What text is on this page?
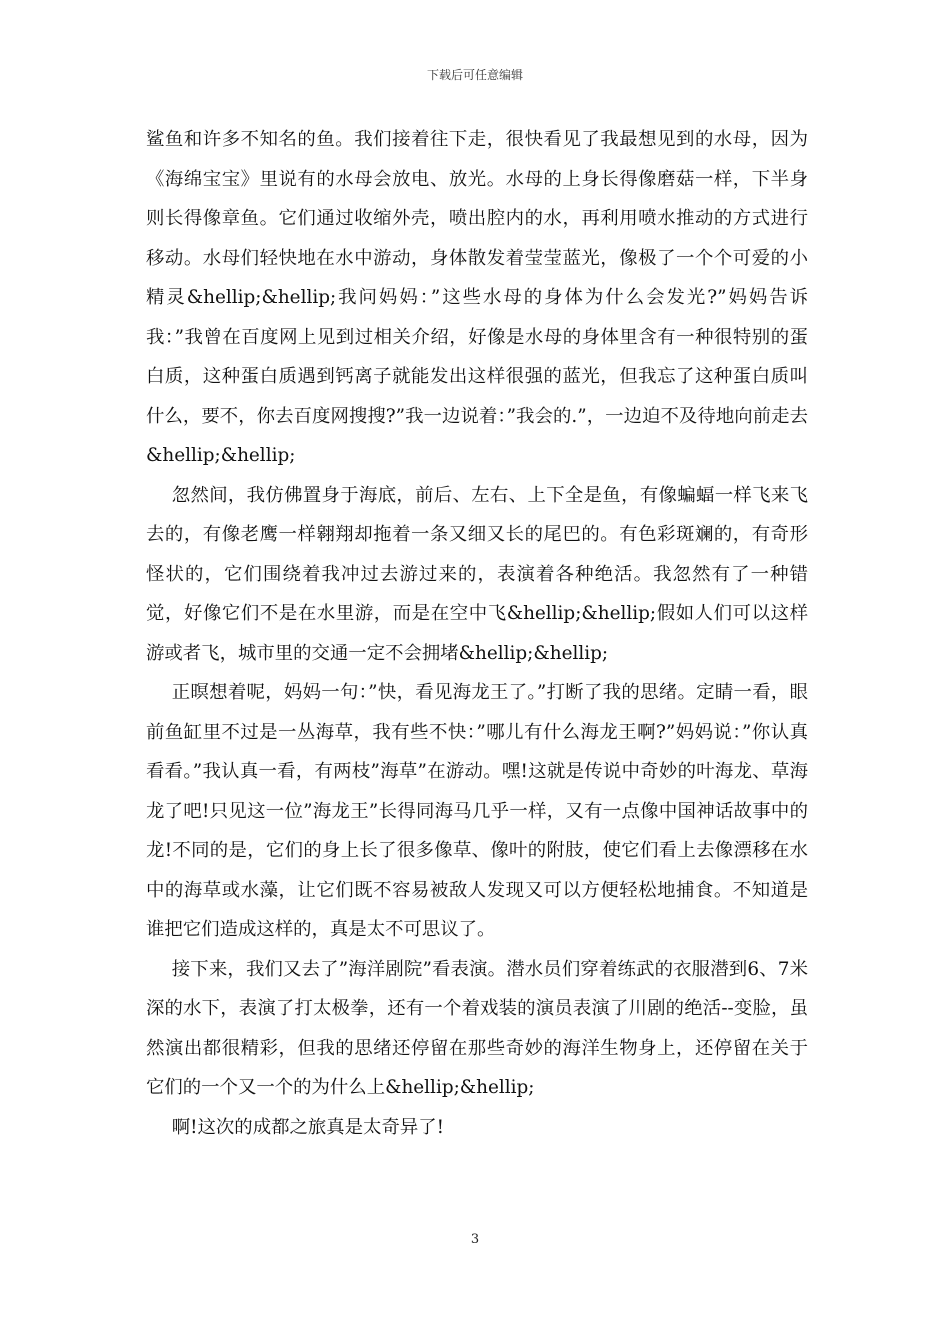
下载后可任意编辑

鲨鱼和许多不知名的鱼。我们接着往下走，很快看见了我最想见到的水母，因为《海绵宝宝》里说有的水母会放电、放光。水母的上身长得像磨菇一样，下半身则长得像章鱼。它们通过收缩外壳，喷出腔内的水，再利用喷水推动的方式进行移动。水母们轻快地在水中游动，身体散发着莹莹蓝光，像极了一个个可爱的小精灵&hellip;&hellip;我问妈妈：”这些水母的身体为什么会发光?”妈妈告诉我：”我曾在百度网上见到过相关介绍，好像是水母的身体里含有一种很特别的蛋白质，这种蛋白质遇到钙离子就能发出这样很强的蓝光，但我忘了这种蛋白质叫什么，要不，你去百度网搜搜?”我一边说着：”我会的.”，一边迫不及待地向前走去&hellip;&hellip;

忽然间，我仿佛置身于海底，前后、左右、上下全是鱼，有像蝙蝠一样飞来飞去的，有像老鹰一样翱翔却拖着一条又细又长的尾巴的。有色彩斑斓的，有奇形怪状的，它们围绕着我冲过去游过来的，表演着各种绝活。我忽然有了一种错觉，好像它们不是在水里游，而是在空中飞&hellip;&hellip;假如人们可以这样游或者飞，城市里的交通一定不会拥堵&hellip;&hellip;

正暝想着呢，妈妈一句：”快，看见海龙王了。”打断了我的思绪。定睛一看，眼前鱼缸里不过是一丛海草，我有些不快：”哪儿有什么海龙王啊?”妈妈说：”你认真看看。”我认真一看，有两枝”海草”在游动。嘿!这就是传说中奇妙的叶海龙、草海龙了吧!只见这一位”海龙王”长得同海马几乎一样，又有一点像中国神话故事中的龙!不同的是，它们的身上长了很多像草、像叶的附肢，使它们看上去像漂移在水中的海草或水藻，让它们既不容易被敌人发现又可以方便轻松地捕食。不知道是谁把它们造成这样的，真是太不可思议了。

接下来，我们又去了”海洋剧院”看表演。潜水员们穿着练武的衣服潜到6、7米深的水下，表演了打太极拳，还有一个着戏装的演员表演了川剧的绝活--变脸，虽然演出都很精彩，但我的思绪还停留在那些奇妙的海洋生物身上，还停留在关于它们的一个又一个的为什么上&hellip;&hellip;

啊!这次的成都之旅真是太奇异了!

3
